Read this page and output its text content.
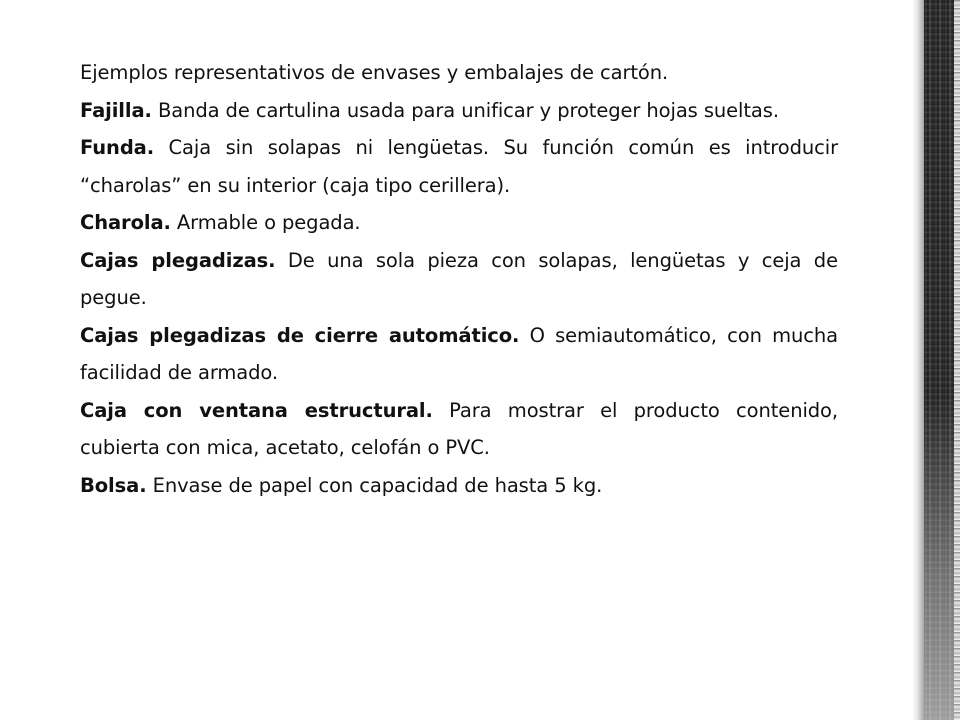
Ejemplos representativos de envases y embalajes de cartón.

Fajilla. Banda de cartulina usada para unificar y proteger hojas sueltas.

Funda. Caja sin solapas ni lengüetas. Su función común es introducir “charolas” en su interior (caja tipo cerillera).

Charola. Armable o pegada.

Cajas plegadizas. De una sola pieza con solapas, lengüetas y ceja de pegue.

Cajas plegadizas de cierre automático. O semiautomático, con mucha facilidad de armado.

Caja con ventana estructural. Para mostrar el producto contenido, cubierta con mica, acetato, celofán o PVC.

Bolsa. Envase de papel con capacidad de hasta 5 kg.
